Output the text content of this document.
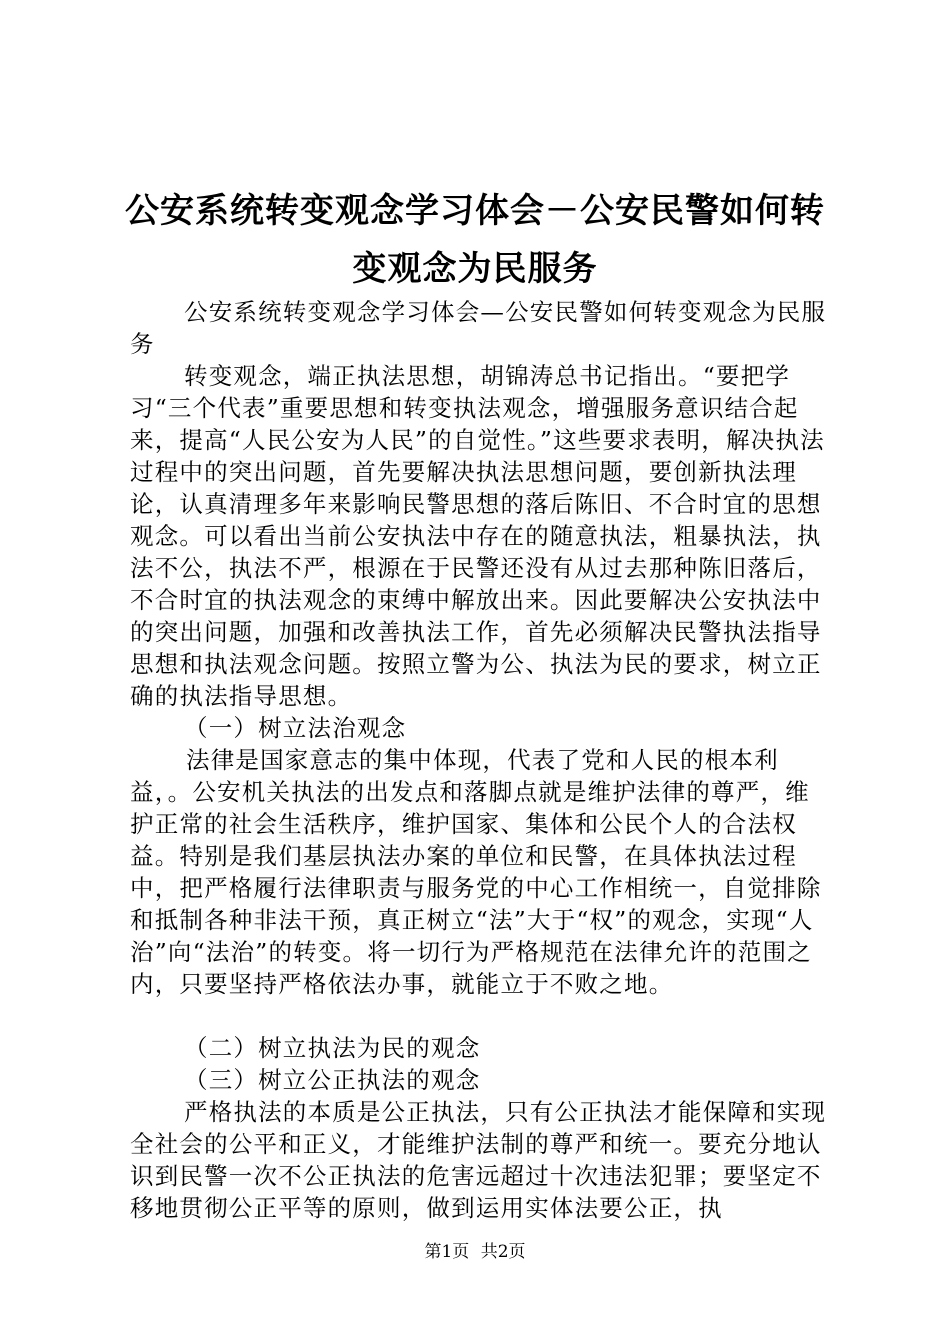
公安系统转变观念学习体会－公安民警如何转
变观念为民服务

公安系统转变观念学习体会—公安民警如何转变观念为民服务

转变观念，端正执法思想，胡锦涛总书记指出。“要把学习“三个代表”重要思想和转变执法观念，增强服务意识结合起来，提高“人民公安为人民”的自觉性。”这些要求表明，解决执法过程中的突出问题，首先要解决执法思想问题，要创新执法理论，认真清理多年来影响民警思想的落后陈旧、不合时宜的思想观念。可以看出当前公安执法中存在的随意执法，粗暴执法，执法不公，执法不严，根源在于民警还没有从过去那种陈旧落后，不合时宜的执法观念的束缚中解放出来。因此要解决公安执法中的突出问题，加强和改善执法工作，首先必须解决民警执法指导思想和执法观念问题。按照立警为公、执法为民的要求，树立正确的执法指导思想。

（一）树立法治观念

法律是国家意志的集中体现，代表了党和人民的根本利益，。公安机关执法的出发点和落脚点就是维护法律的尊严，维护正常的社会生活秩序，维护国家、集体和公民个人的合法权益。特别是我们基层执法办案的单位和民警，在具体执法过程中，把严格履行法律职责与服务党的中心工作相统一，自觉排除和抵制各种非法干预，真正树立“法”大于“权”的观念，实现“人治”向“法治”的转变。将一切行为严格规范在法律允许的范围之内，只要坚持严格依法办事，就能立于不败之地。

（二）树立执法为民的观念

（三）树立公正执法的观念

严格执法的本质是公正执法，只有公正执法才能保障和实现全社会的公平和正义，才能维护法制的尊严和统一。要充分地认识到民警一次不公正执法的危害远超过十次违法犯罪；要坚定不移地贯彻公正平等的原则，做到运用实体法要公正，执

第1页 共2页
